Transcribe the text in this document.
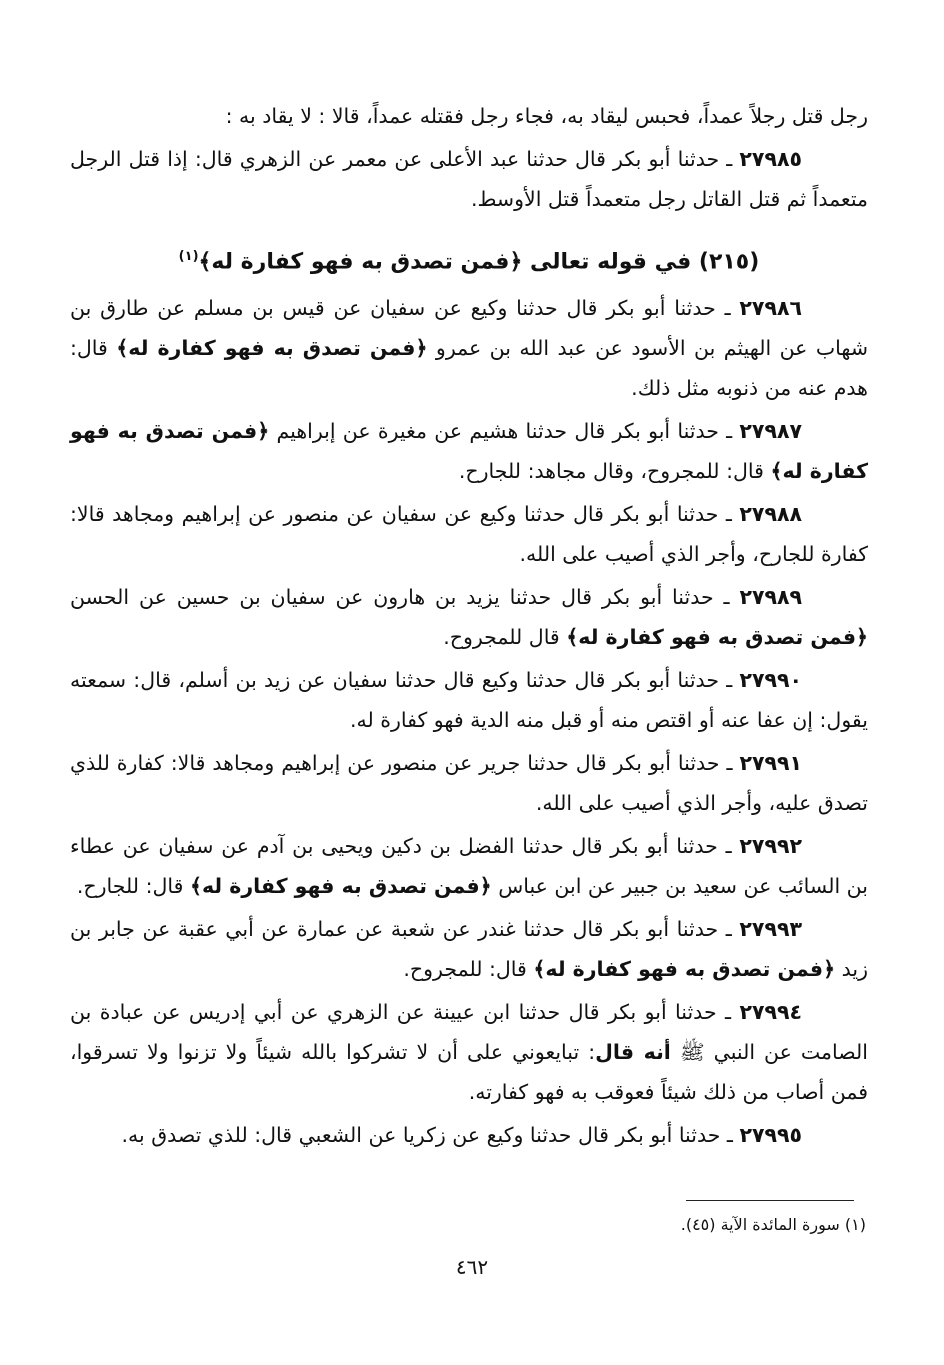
رجل قتل رجلاً عمداً، فحبس ليقاد به، فجاء رجل فقتله عمداً، قالا : لا يقاد به :

٢٧٩٨٥ ـ حدثنا أبو بكر قال حدثنا عبد الأعلى عن معمر عن الزهري قال: إذا قتل الرجل متعمداً ثم قتل القاتل رجل متعمداً قتل الأوسط.

(٢١٥) في قوله تعالى ﴿فمن تصدق به فهو كفارة له﴾$^{(١)}$

٢٧٩٨٦ ـ حدثنا أبو بكر قال حدثنا وكيع عن سفيان عن قيس بن مسلم عن طارق بن شهاب عن الهيثم بن الأسود عن عبد الله بن عمرو ﴿فمن تصدق به فهو كفارة له﴾ قال: هدم عنه من ذنوبه مثل ذلك.

٢٧٩٨٧ ـ حدثنا أبو بكر قال حدثنا هشيم عن مغيرة عن إبراهيم ﴿فمن تصدق به فهو كفارة له﴾ قال: للمجروح، وقال مجاهد: للجارح.

٢٧٩٨٨ ـ حدثنا أبو بكر قال حدثنا وكيع عن سفيان عن منصور عن إبراهيم ومجاهد قالا: كفارة للجارح، وأجر الذي أصيب على الله.

٢٧٩٨٩ ـ حدثنا أبو بكر قال حدثنا يزيد بن هارون عن سفيان بن حسين عن الحسن ﴿فمن تصدق به فهو كفارة له﴾ قال للمجروح.

٢٧٩٩٠ ـ حدثنا أبو بكر قال حدثنا وكيع قال حدثنا سفيان عن زيد بن أسلم، قال: سمعته يقول: إن عفا عنه أو اقتص منه أو قبل منه الدية فهو كفارة له.

٢٧٩٩١ ـ حدثنا أبو بكر قال حدثنا جرير عن منصور عن إبراهيم ومجاهد قالا: كفارة للذي تصدق عليه، وأجر الذي أصيب على الله.

٢٧٩٩٢ ـ حدثنا أبو بكر قال حدثنا الفضل بن دكين ويحيى بن آدم عن سفيان عن عطاء بن السائب عن سعيد بن جبير عن ابن عباس ﴿فمن تصدق به فهو كفارة له﴾ قال: للجارح.

٢٧٩٩٣ ـ حدثنا أبو بكر قال حدثنا غندر عن شعبة عن عمارة عن أبي عقبة عن جابر بن زيد ﴿فمن تصدق به فهو كفارة له﴾ قال: للمجروح.

٢٧٩٩٤ ـ حدثنا أبو بكر قال حدثنا ابن عيينة عن الزهري عن أبي إدريس عن عبادة بن الصامت عن النبي ﷺ أنه قال: تبايعوني على أن لا تشركوا بالله شيئاً ولا تزنوا ولا تسرقوا، فمن أصاب من ذلك شيئاً فعوقب به فهو كفارته.

٢٧٩٩٥ ـ حدثنا أبو بكر قال حدثنا وكيع عن زكريا عن الشعبي قال: للذي تصدق به.

(١) سورة المائدة الآية (٤٥).
٤٦٢
